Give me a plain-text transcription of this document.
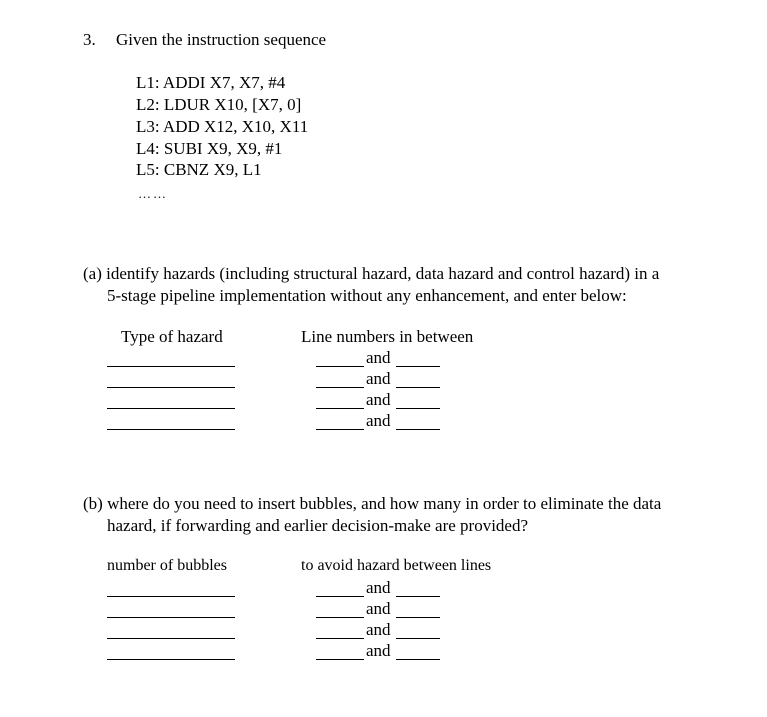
3. Given the instruction sequence
L1: ADDI X7, X7, #4
L2: LDUR X10, [X7, 0]
L3: ADD X12, X10, X11
L4: SUBI X9, X9, #1
L5: CBNZ X9, L1
……
(a) identify hazards (including structural hazard, data hazard and control hazard) in a
5-stage pipeline implementation without any enhancement, and enter below:
Type of hazard	Line numbers in between
and
and
and
and
(b) where do you need to insert bubbles, and how many in order to eliminate the data
hazard, if forwarding and earlier decision-make are provided?
number of bubbles	to avoid hazard between lines
and
and
and
and
